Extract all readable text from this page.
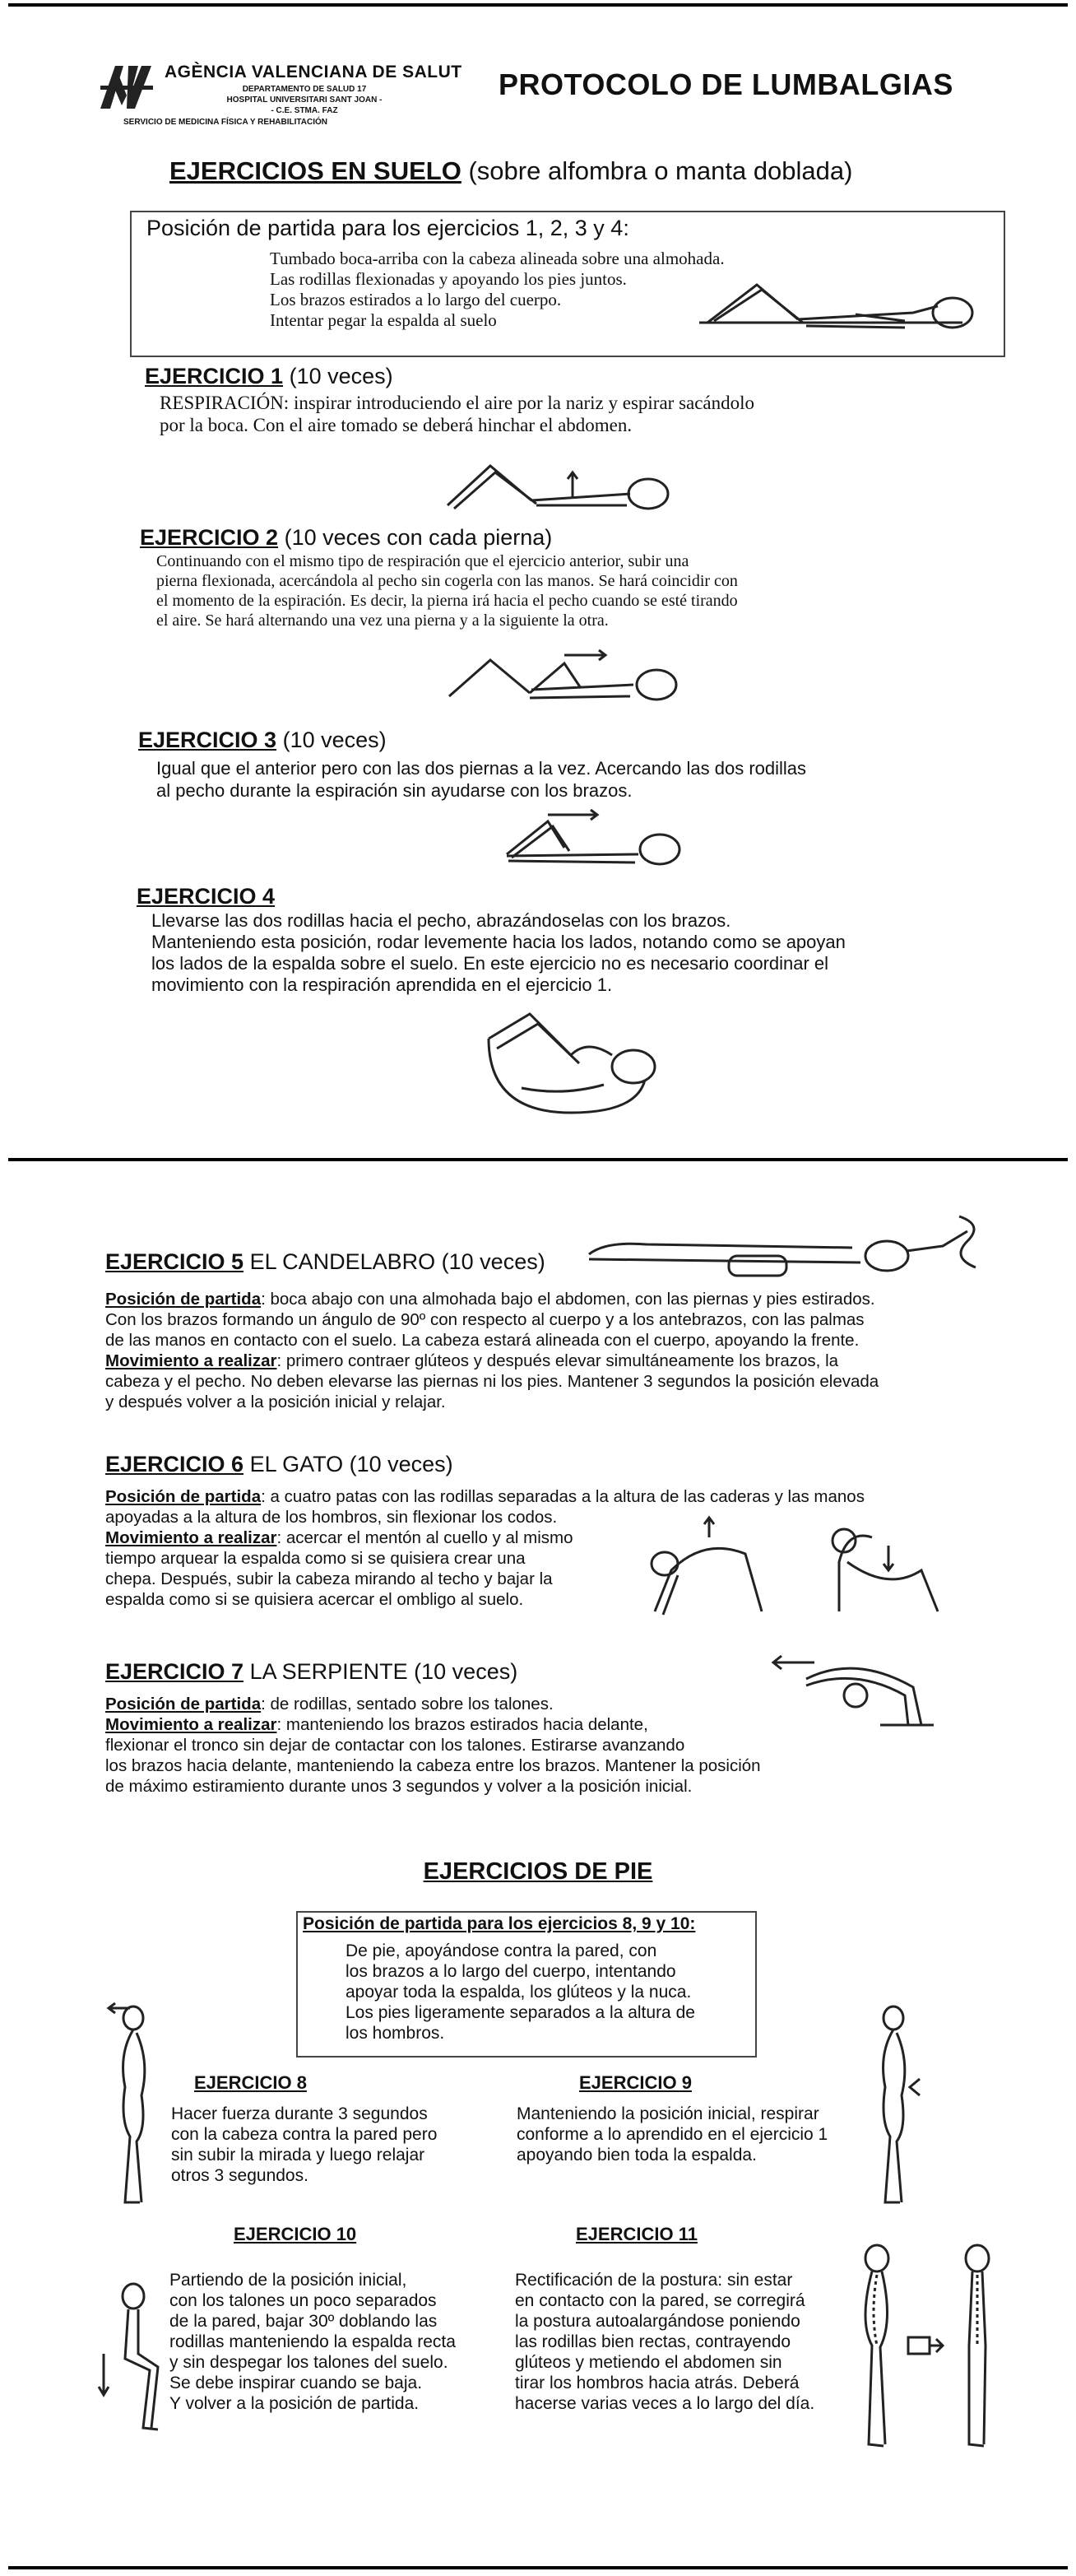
AGÈNCIA VALENCIANA DE SALUT
DEPARTAMENTO DE SALUD 17
HOSPITAL UNIVERSITARI SANT JOAN -
- C.E. STMA. FAZ
SERVICIO DE MEDICINA FÍSICA Y REHABILITACIÓN
PROTOCOLO DE LUMBALGIAS
EJERCICIOS EN SUELO (sobre alfombra o manta doblada)
Posición de partida para los ejercicios 1, 2, 3 y 4:
Tumbado boca-arriba con la cabeza alineada sobre una almohada.
Las rodillas flexionadas y apoyando los pies juntos.
Los brazos estirados a lo largo del cuerpo.
Intentar pegar la espalda al suelo
EJERCICIO 1 (10 veces)
RESPIRACIÓN: inspirar introduciendo el aire por la nariz y espirar sacándolo
por la boca. Con el aire tomado se deberá hinchar el abdomen.
EJERCICIO 2 (10 veces con cada pierna)
Continuando con el mismo tipo de respiración que el ejercicio anterior, subir una
pierna flexionada, acercándola al pecho sin cogerla con las manos. Se hará coincidir con
el momento de la espiración. Es decir, la pierna irá hacia el pecho cuando se esté tirando
el aire. Se hará alternando una vez una pierna y a la siguiente la otra.
EJERCICIO 3 (10 veces)
Igual que el anterior pero con las dos piernas a la vez. Acercando las dos rodillas
al pecho durante la espiración sin ayudarse con los brazos.
EJERCICIO 4
Llevarse las dos rodillas hacia el pecho, abrazándoselas con los brazos.
Manteniendo esta posición, rodar levemente hacia los lados, notando como se apoyan
los lados de la espalda sobre el suelo. En este ejercicio no es necesario coordinar el
movimiento con la respiración aprendida en el ejercicio 1.
EJERCICIO 5 EL CANDELABRO (10 veces)
Posición de partida: boca abajo con una almohada bajo el abdomen, con las piernas y pies estirados.
Con los brazos formando un ángulo de 90º con respecto al cuerpo y a los antebrazos, con las palmas
de las manos en contacto con el suelo. La cabeza estará alineada con el cuerpo, apoyando la frente.
Movimiento a realizar: primero contraer glúteos y después elevar simultáneamente los brazos, la
cabeza y el pecho. No deben elevarse las piernas ni los pies. Mantener 3 segundos la posición elevada
y después volver a la posición inicial y relajar.
EJERCICIO 6 EL GATO (10 veces)
Posición de partida: a cuatro patas con las rodillas separadas a la altura de las caderas y las manos
apoyadas a la altura de los hombros, sin flexionar los codos.
Movimiento a realizar: acercar el mentón al cuello y al mismo
tiempo arquear la espalda como si se quisiera crear una
chepa. Después, subir la cabeza mirando al techo y bajar la
espalda como si se quisiera acercar el ombligo al suelo.
EJERCICIO 7 LA SERPIENTE (10 veces)
Posición de partida: de rodillas, sentado sobre los talones.
Movimiento a realizar: manteniendo los brazos estirados hacia delante,
flexionar el tronco sin dejar de contactar con los talones. Estirarse avanzando
los brazos hacia delante, manteniendo la cabeza entre los brazos. Mantener la posición
de máximo estiramiento durante unos 3 segundos y volver a la posición inicial.
EJERCICIOS DE PIE
Posición de partida para los ejercicios 8, 9 y 10:
De pie, apoyándose contra la pared, con
los brazos a lo largo del cuerpo, intentando
apoyar toda la espalda, los glúteos y la nuca.
Los pies ligeramente separados a la altura de
los hombros.
EJERCICIO 8
Hacer fuerza durante 3 segundos
con la cabeza contra la pared pero
sin subir la mirada y luego relajar
otros 3 segundos.
EJERCICIO 9
Manteniendo la posición inicial, respirar
conforme a lo aprendido en el ejercicio 1
apoyando bien toda la espalda.
EJERCICIO 10
Partiendo de la posición inicial,
con los talones un poco separados
de la pared, bajar 30º doblando las
rodillas manteniendo la espalda recta
y sin despegar los talones del suelo.
Se debe inspirar cuando se baja.
Y volver a la posición de partida.
EJERCICIO 11
Rectificación de la postura: sin estar
en contacto con la pared, se corregirá
la postura autoalargándose poniendo
las rodillas bien rectas, contrayendo
glúteos y metiendo el abdomen sin
tirar los hombros hacia atrás. Deberá
hacerse varias veces a lo largo del día.
